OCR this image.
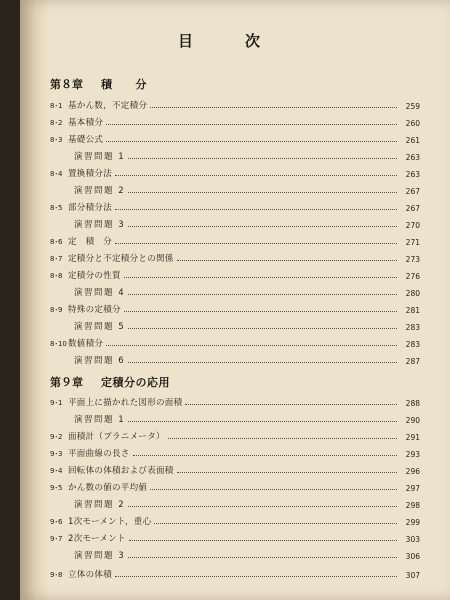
目	次
第８章 積　　分
8･1 基かん数，不定積分	259
8･2 基本積分	260
8･3 基礎公式	261
演習問題 1	263
8･4 置換積分法	263
演習問題 2	267
8･5 部分積分法	267
演習問題 3	270
8･6 定　積　分	271
8･7 定積分と不定積分との関係	273
8･8 定積分の性質	276
演習問題 4	280
8･9 特殊の定積分	281
演習問題 5	283
8･10 数値積分	283
演習問題 6	287
第９章 定積分の応用
9･1 平面上に描かれた図形の面積	288
演習問題 1	290
9･2 面積計（プラニメータ）	291
9･3 平面曲線の長さ	293
9･4 回転体の体積および表面積	296
9･5 かん数の値の平均値	297
演習問題 2	298
9･6 1次モーメント，重心	299
9･7 2次モーメント	303
演習問題 3	306
9･8 立体の体積	307
